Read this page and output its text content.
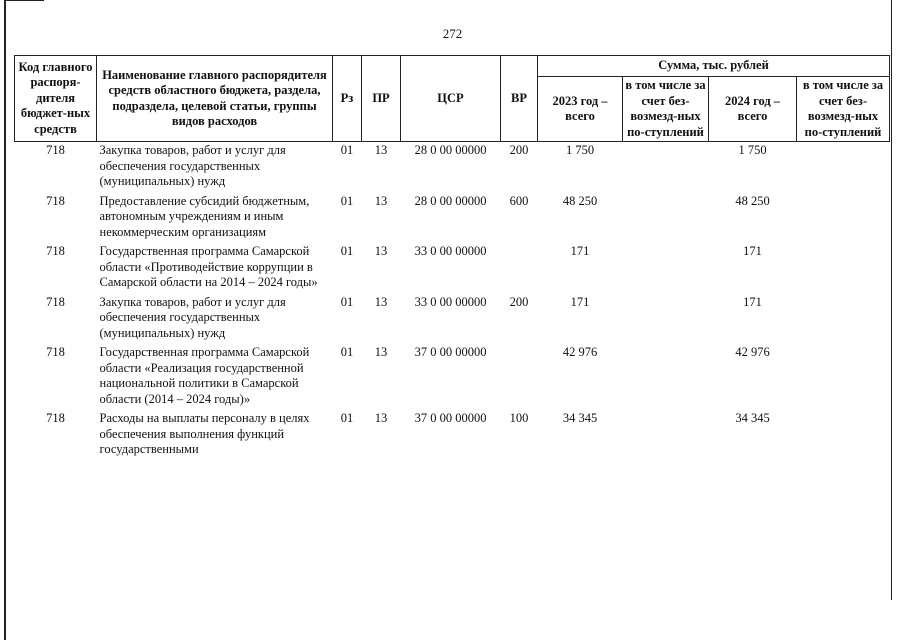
272
Код главного распоря-дителя бюджет-ных средств	Наименование главного распорядителя средств областного бюджета, раздела, подраздела, целевой статьи, группы видов расходов	Рз	ПР	ЦСР	ВР	Сумма, тыс. рублей			
						2023 год – всего	в том числе за счет без-возмезд-ных по-ступлений	2024 год – всего	в том числе за счет без-возмезд-ных по-ступлений
718	Закупка товаров, работ и услуг для обеспечения государственных (муниципальных) нужд	01	13	28 0 00 00000	200	1 750		1 750	
718	Предоставление субсидий бюджетным, автономным учреждениям и иным некоммерческим организациям	01	13	28 0 00 00000	600	48 250		48 250	
718	Государственная программа Самарской области «Противодействие коррупции в Самарской области на 2014 – 2024 годы»	01	13	33 0 00 00000		171		171	
718	Закупка товаров, работ и услуг для обеспечения государственных (муниципальных) нужд	01	13	33 0 00 00000	200	171		171	
718	Государственная программа Самарской области «Реализация государственной национальной политики в Самарской области (2014 – 2024 годы)»	01	13	37 0 00 00000		42 976		42 976	
718	Расходы на выплаты персоналу в целях обеспечения выполнения функций государственными	01	13	37 0 00 00000	100	34 345		34 345	
